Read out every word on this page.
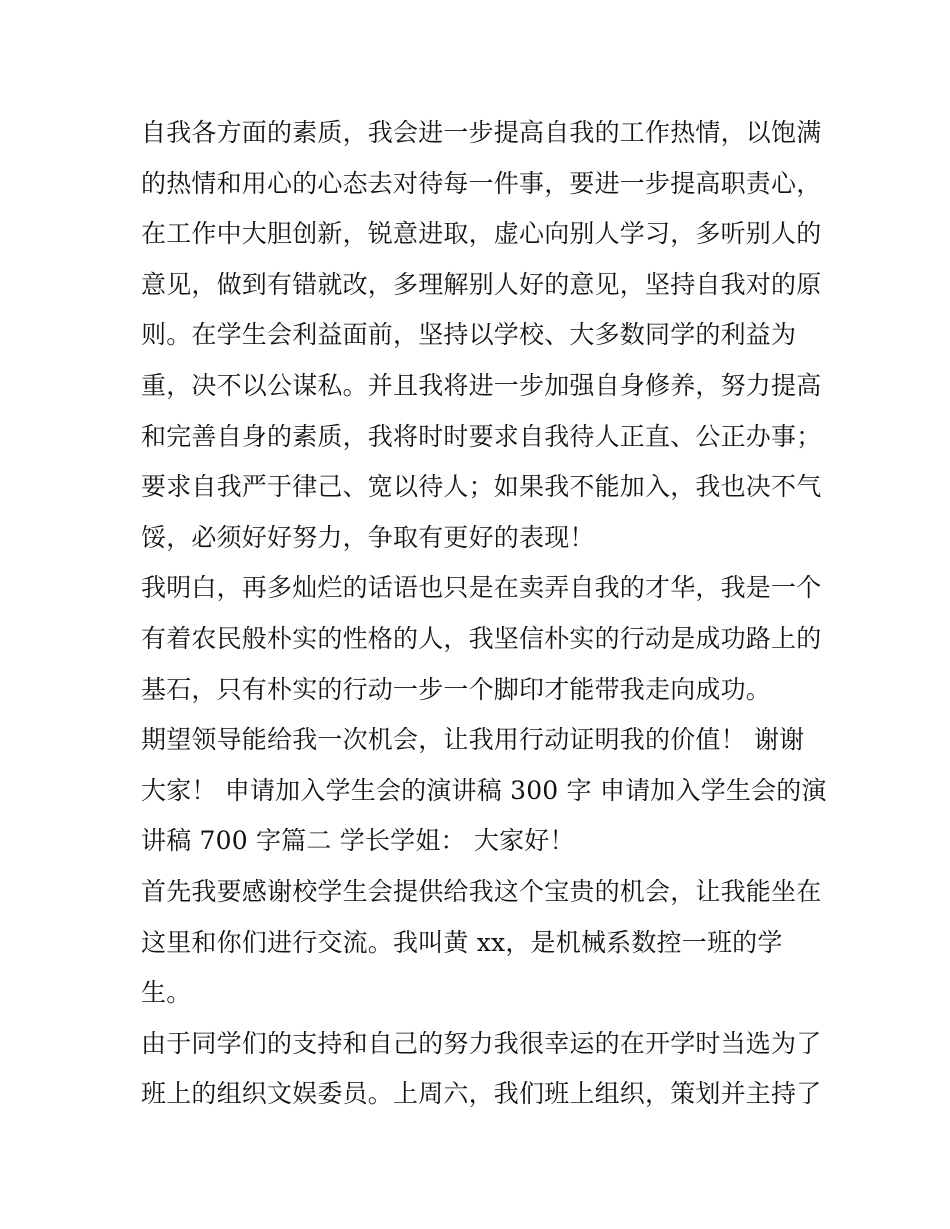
自我各方面的素质，我会进一步提高自我的工作热情，以饱满
的热情和用心的心态去对待每一件事，要进一步提高职责心，
在工作中大胆创新，锐意进取，虚心向别人学习，多听别人的
意见，做到有错就改，多理解别人好的意见，坚持自我对的原
则。在学生会利益面前，坚持以学校、大多数同学的利益为
重，决不以公谋私。并且我将进一步加强自身修养，努力提高
和完善自身的素质，我将时时要求自我待人正直、公正办事；
要求自我严于律己、宽以待人；如果我不能加入，我也决不气
馁，必须好好努力，争取有更好的表现！
我明白，再多灿烂的话语也只是在卖弄自我的才华，我是一个
有着农民般朴实的性格的人，我坚信朴实的行动是成功路上的
基石，只有朴实的行动一步一个脚印才能带我走向成功。
期望领导能给我一次机会，让我用行动证明我的价值！ 谢谢
大家！ 申请加入学生会的演讲稿 300 字 申请加入学生会的演
讲稿 700 字篇二 学长学姐： 大家好！
首先我要感谢校学生会提供给我这个宝贵的机会，让我能坐在
这里和你们进行交流。我叫黄 xx，是机械系数控一班的学
生。
由于同学们的支持和自己的努力我很幸运的在开学时当选为了
班上的组织文娱委员。上周六，我们班上组织，策划并主持了
